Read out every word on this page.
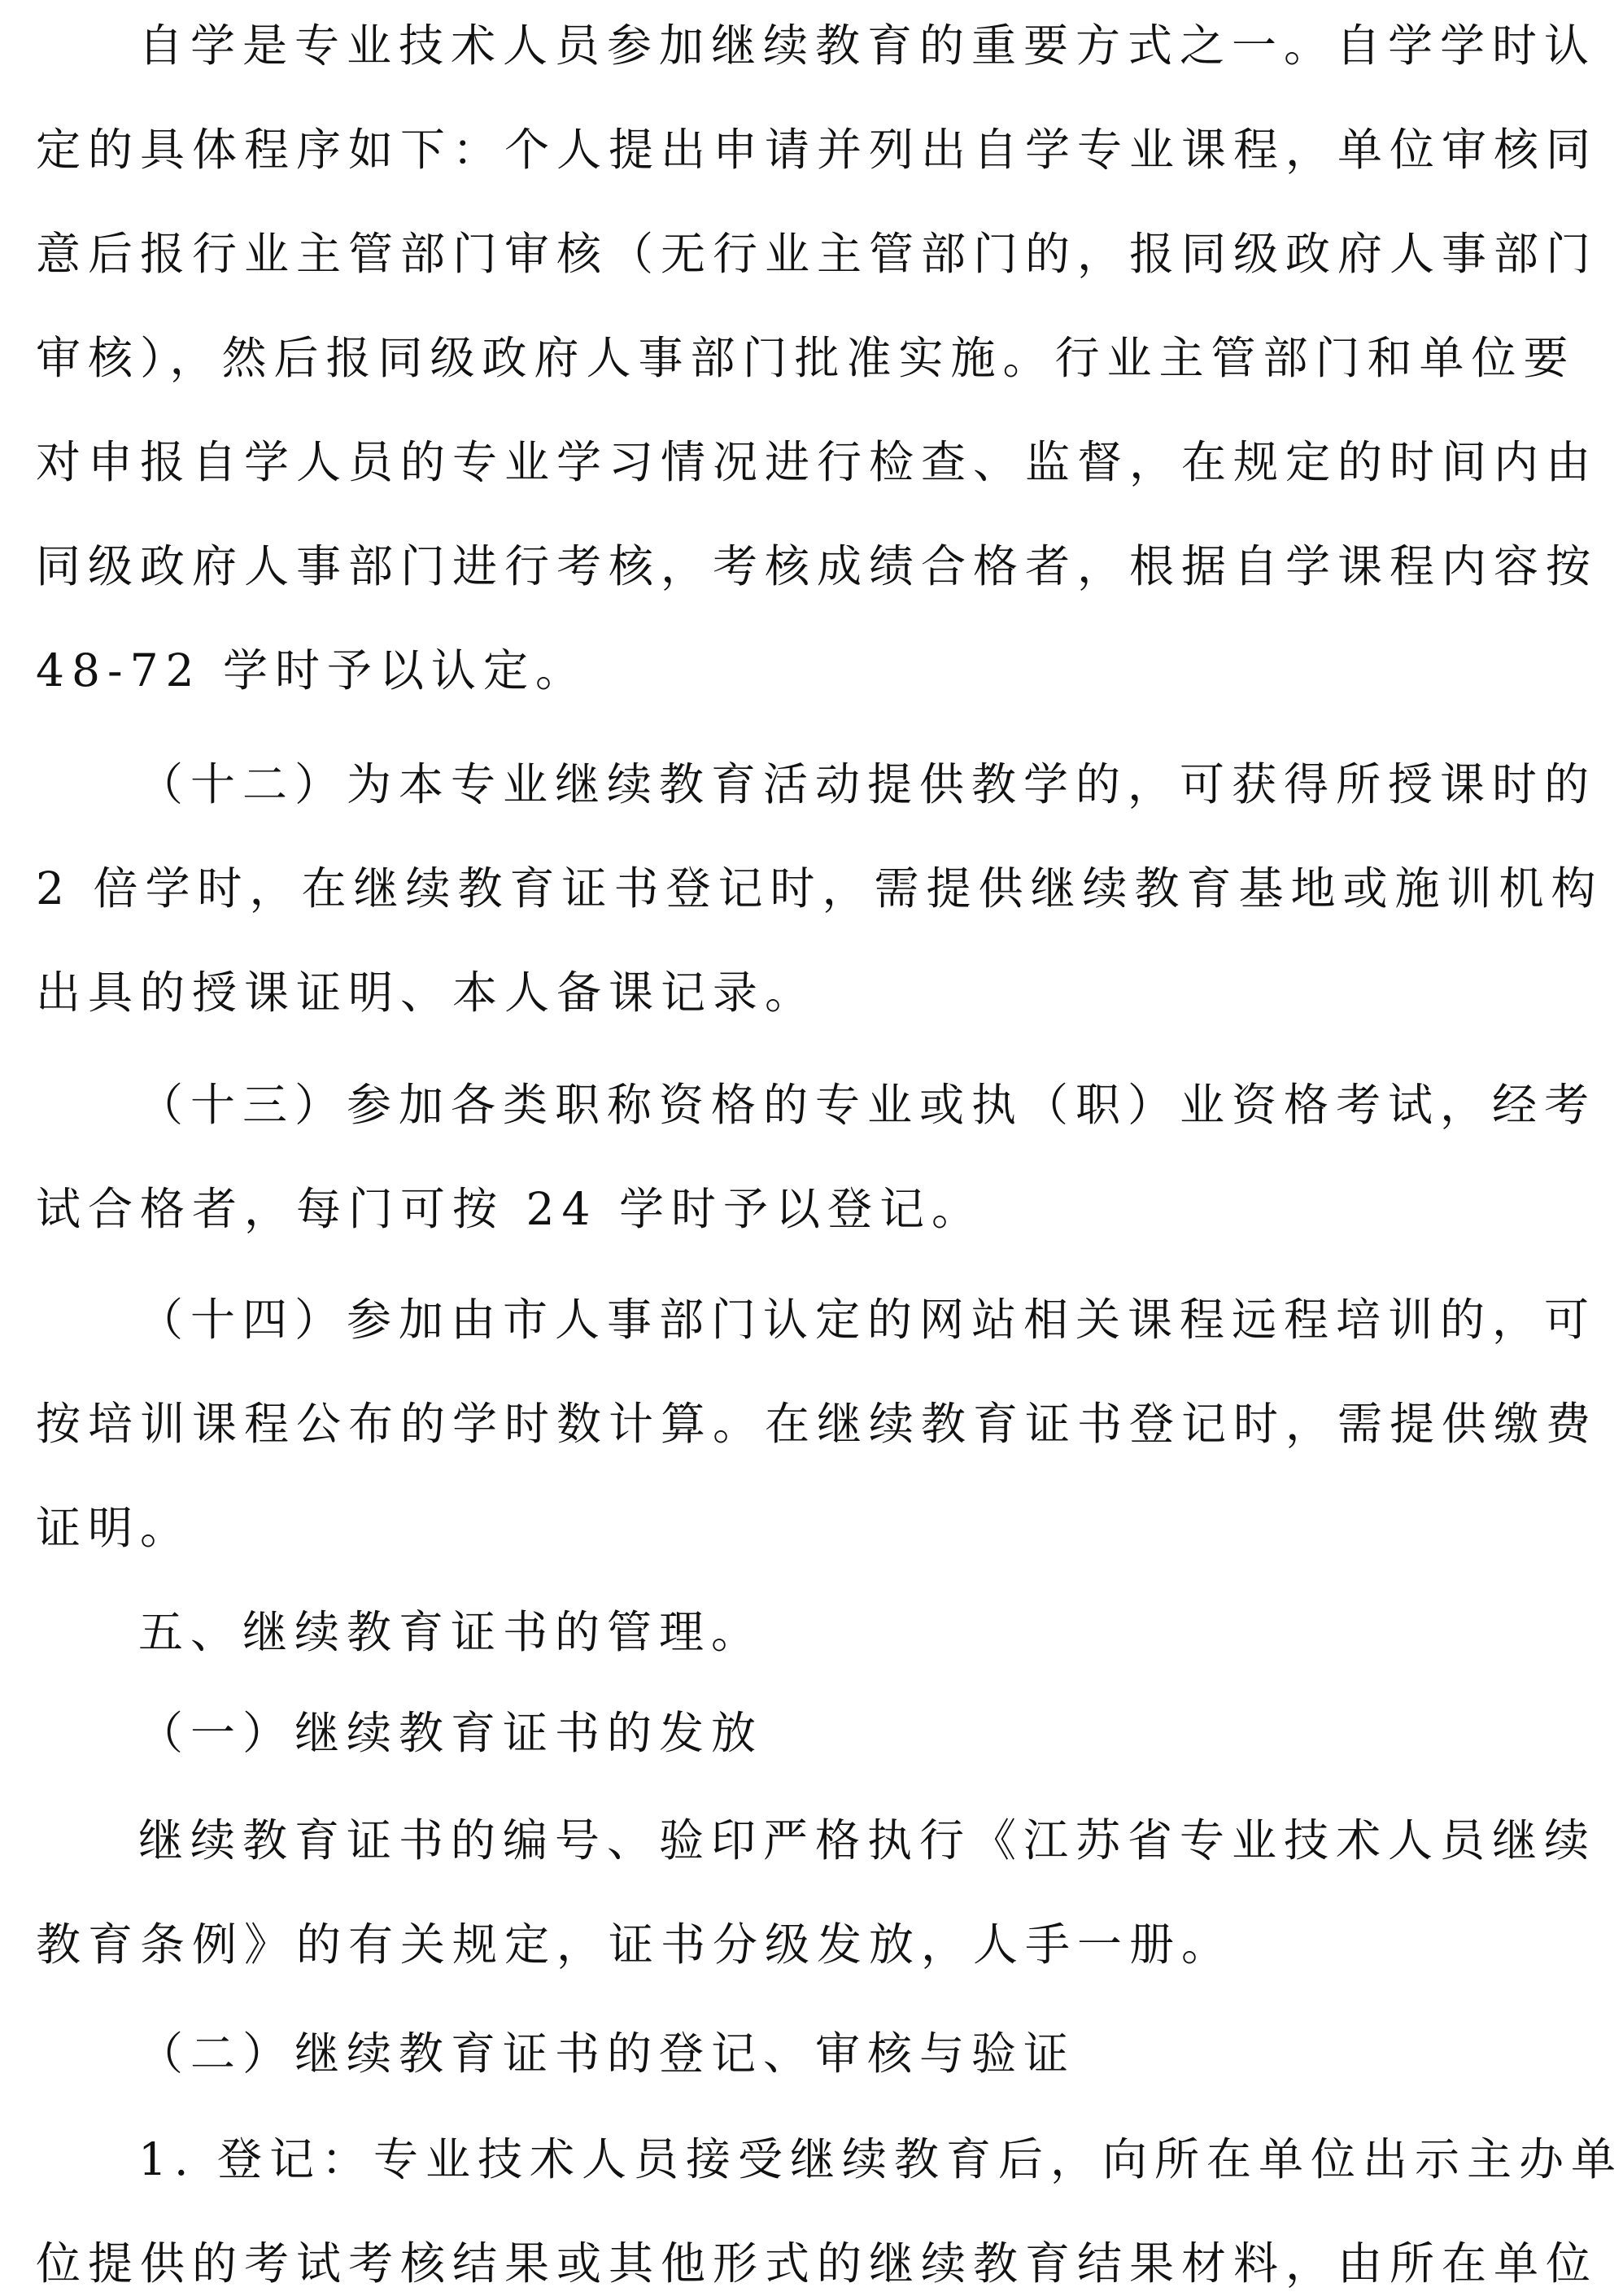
自学是专业技术人员参加继续教育的重要方式之一。自学学时认
定的具体程序如下：个人提出申请并列出自学专业课程，单位审核同
意后报行业主管部门审核（无行业主管部门的，报同级政府人事部门
审核），然后报同级政府人事部门批准实施。行业主管部门和单位要
对申报自学人员的专业学习情况进行检查、监督，在规定的时间内由
同级政府人事部门进行考核，考核成绩合格者，根据自学课程内容按
48-72 学时予以认定。
（十二）为本专业继续教育活动提供教学的，可获得所授课时的
2 倍学时，在继续教育证书登记时，需提供继续教育基地或施训机构
出具的授课证明、本人备课记录。
（十三）参加各类职称资格的专业或执（职）业资格考试，经考
试合格者，每门可按 24 学时予以登记。
（十四）参加由市人事部门认定的网站相关课程远程培训的，可
按培训课程公布的学时数计算。在继续教育证书登记时，需提供缴费
证明。
五、继续教育证书的管理。
（一）继续教育证书的发放
继续教育证书的编号、验印严格执行《江苏省专业技术人员继续
教育条例》的有关规定，证书分级发放，人手一册。
（二）继续教育证书的登记、审核与验证
1. 登记：专业技术人员接受继续教育后，向所在单位出示主办单
位提供的考试考核结果或其他形式的继续教育结果材料，由所在单位
